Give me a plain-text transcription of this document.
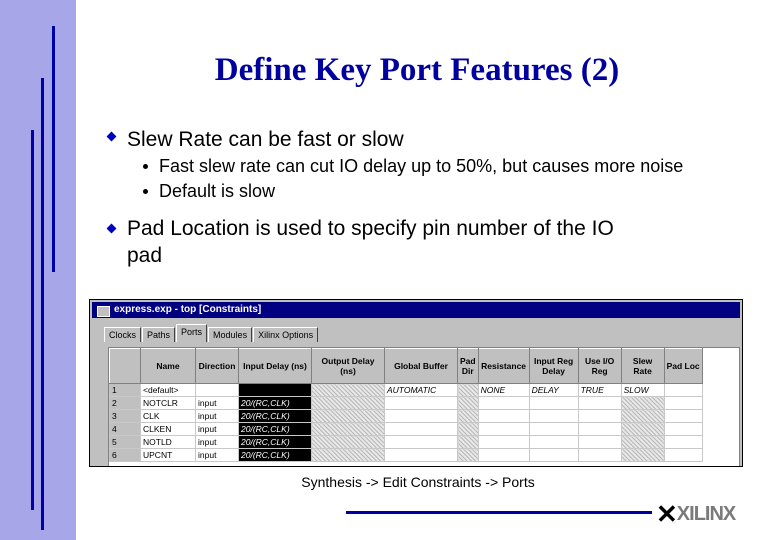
Define Key Port Features (2)
Slew Rate can be fast or slow
Fast slew rate can cut IO delay up to 50%, but causes more noise
Default is slow
Pad Location is used to specify pin number of the IO
pad
express.exp - top [Constraints]
Clocks Paths Ports Modules Xilinx Options
	Name	Direction	Input Delay (ns)	Output Delay (ns)	Global Buffer	Pad Dir	Resistance	Input Reg Delay	Use I/O Reg	Slew Rate	Pad Loc
1	<default>				AUTOMATIC		NONE	DELAY	TRUE	SLOW	
2	NOTCLR	input	20/(RC,CLK)								
3	CLK	input	20/(RC,CLK)								
4	CLKEN	input	20/(RC,CLK)								
5	NOTLD	input	20/(RC,CLK)								
6	UPCNT	input	20/(RC,CLK)								
Synthesis -> Edit Constraints -> Ports
✕XILINX
